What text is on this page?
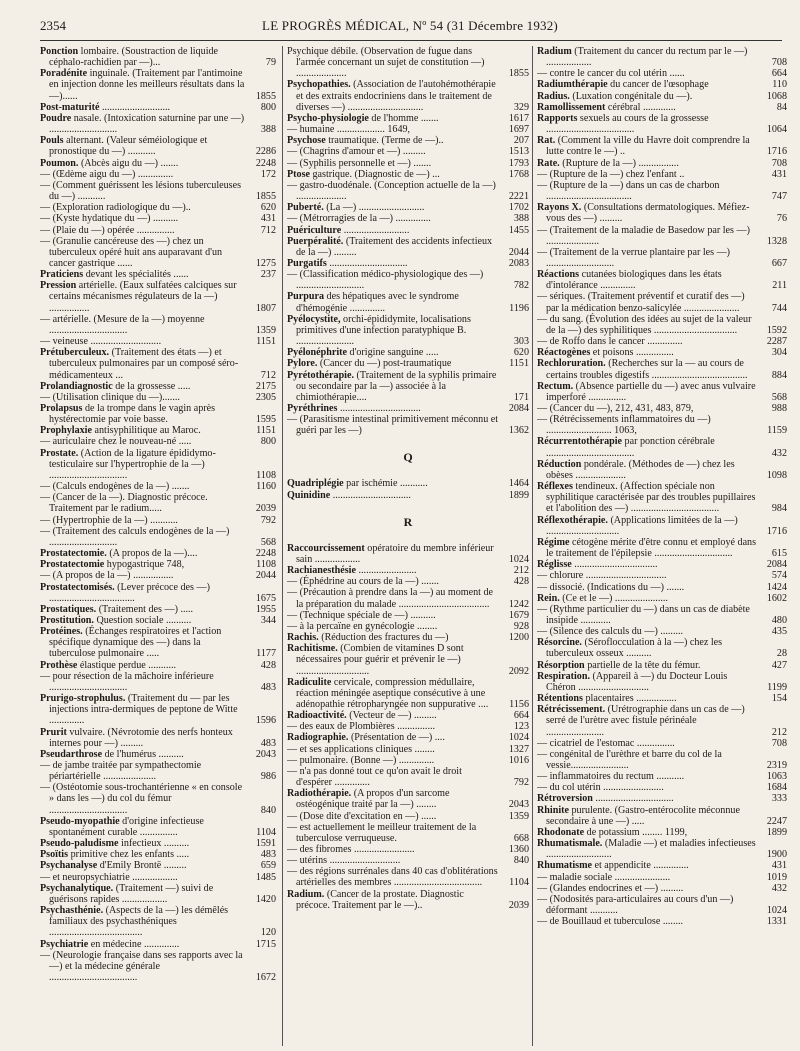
2354	LE PROGRÈS MÉDICAL, Nº 54 (31 Décembre 1932)
Ponction lombaire. (Soustraction de liquide céphalo-rachidien par —)...	79
Poradénite inguinale. (Traitement par l'antimoine en injection donne les meilleurs résultats dans la —)......	1855
Post-maturité ...........................	800
Poudre nasale. (Intoxication saturnine par une —) ...........................	388
Pouls alternant. (Valeur séméiologique et pronostique du —) ...........	2286
Poumon. (Abcès aigu du —) .......	2248
— (Œdème aigu du —) ..............	172
— (Comment guérissent les lésions tuberculeuses du —) ...........	1855
— (Exploration radiologique du —)..	620
— (Kyste hydatique du —) ..........	431
— (Plaie du —) opérée ...............	712
— (Granulie cancéreuse des —) chez un tuberculeux opéré huit ans auparavant d'un cancer gastrique ......	1275
Praticiens devant les spécialités ......	237
Pression artérielle. (Eaux sulfatées calciques sur certains mécanismes régulateurs de la —) ................	1807
— artérielle. (Mesure de la —) moyenne ...............................	1359
— veineuse ............................	1151
Prétuberculeux. (Traitement des états —) et tuberculeux pulmonaires par un composé séro-médicamenteux ...	712
Prolandiagnostic de la grossesse .....	2175
— (Utilisation clinique du —).......	2305
Prolapsus de la trompe dans le vagin après hystérectomie par voie basse.	1595
Prophylaxie antisyphilitique au Maroc.	1151
— auriculaire chez le nouveau-né .....	800
Prostate. (Action de la ligature épididymo-testiculaire sur l'hypertrophie de la —) ...............................	1108
— (Calculs endogènes de la —) .......	1160
— (Cancer de la —). Diagnostic précoce. Traitement par le radium.....	2039
— (Hypertrophie de la —) ...........	792
— (Traitement des calculs endogènes de la —) ...........................	568
Prostatectomie. (A propos de la —)....	2248
Prostatectomie hypogastrique 748,	1108
— (A propos de la —) ................	2044
Prostatectomisés. (Lever précoce des —) ..................................	1675
Prostatiques. (Traitement des —) .....	1955
Prostitution. Question sociale ..........	344
Protéines. (Échanges respiratoires et l'action spécifique dynamique des —) dans la tuberculose pulmonaire .....	1177
Prothèse élastique perdue ...........	428
— pour résection de la mâchoire inférieure ...............................	483
Prurigo-strophulus. (Traitement du — par les injections intra-dermiques de peptone de Witte ..............	1596
Prurit vulvaire. (Névrotomie des nerfs honteux internes pour —) .........	483
Pseudarthrose de l'humérus ..........	2043
— de jambe traitée par sympathectomie périartérielle .....................	986
— (Ostéotomie sous-trochantérienne « en console » dans les —) du col du fémur ...............................	840
Pseudo-myopathie d'origine infectieuse spontanément curable ...............	1104
Pseudo-paludisme infectieux ..........	1591
Psoïtis primitive chez les enfants .....	483
Psychanalyse d'Emily Brontë .........	659
— et neuropsychiatrie ..................	1485
Psychanalytique. (Traitement —) suivi de guérisons rapides ..................	1420
Psychasthénie. (Aspects de la —) les démêlés familiaux des psychasthéniques .....................................	120
Psychiatrie en médecine ..............	1715
— (Neurologie française dans ses rapports avec la —) et la médecine générale ...................................	1672
Psychique débile. (Observation de fugue dans l'armée concernant un sujet de constitution —) ....................	1855
Psychopathies. (Association de l'autohémothérapie et des extraits endocriniens dans le traitement de diverses —) ..............................	329
Psycho-physiologie de l'homme .......	1617
— humaine ................... 1649,	1697
Psychose traumatique. (Terme de —)..	207
— (Chagrins d'amour et —) .........	1513
— (Syphilis personnelle et —) .......	1793
Ptose gastrique. (Diagnostic de —) ...	1768
— gastro-duodénale. (Conception actuelle de la —) ....................	2221
Puberté. (La —) ..........................	1702
— (Métrorragies de la —) ..............	388
Puériculture ..........................	1455
Puerpéralité. (Traitement des accidents infectieux de la —) .........	2044
Purgatifs ...............................	2083
— (Classification médico-physiologique des —) ...........................	782
Purpura des hépatiques avec le syndrome d'hémogénie ..............	1196
Pyélocystite, orchi-épididymite, localisations primitives d'une infection paratyphique B. .......................	303
Pyélonéphrite d'origine sanguine .....	620
Pylore. (Cancer du —) post-traumatique	1151
Pyrétothérapie. (Traitement de la syphilis primaire ou secondaire par la —) associée à la chimiothérapie....	171
Pyréthrines ................................	2084
— (Parasitisme intestinal primitivement méconnu et guéri par les —)	1362
Q
Quadriplégie par ischémie ...........	1464
Quinidine ...............................	1899
R
Raccourcissement opératoire du membre inférieur sain ..................	1024
Rachianesthésie .......................	212
— (Éphédrine au cours de la —) .......	428
— (Précaution à prendre dans la —) au moment de la préparation du malade ....................................	1242
— (Technique spéciale de —) ..........	1679
— à la percaïne en gynécologie ........	928
Rachis. (Réduction des fractures du —)	1200
Rachitisme. (Combien de vitamines D sont nécessaires pour guérir et prévenir le —) .............................	2092
Radiculite cervicale, compression médullaire, réaction méningée aseptique consécutive à une adénopathie rétropharyngée non suppurative ....	1156
Radioactivité. (Vecteur de —) .........	664
— des eaux de Plombières ...............	123
Radiographie. (Présentation de —) ....	1024
— et ses applications cliniques ........	1327
— pulmonaire. (Bonne —) ..............	1016
— n'a pas donné tout ce qu'on avait le droit d'espérer ..............	792
Radiothérapie. (A propos d'un sarcome ostéogénique traité par la —) ........	2043
— (Dose dite d'excitation en —) ......	1359
— est actuellement le meilleur traitement de la tuberculose verruqueuse.	668
— des fibromes ........................	1360
— utérins ............................	840
— des régions surrénales dans 40 cas d'oblitérations artérielles des membres ...................................	1104
Radium. (Cancer de la prostate. Diagnostic précoce. Traitement par le —)..	2039
Radium (Traitement du cancer du rectum par le —) ..................	708
— contre le cancer du col utérin ......	664
Radiumthérapie du cancer de l'œsophage	110
Radius. (Luxation congénitale du —).	1068
Ramollissement cérébral .............	84
Rapports sexuels au cours de la grossesse ...................................	1064
Rat. (Comment la ville du Havre doit comprendre la lutte contre le —) ..	1716
Rate. (Rupture de la —) ................	708
— (Rupture de la —) chez l'enfant ..	431
— (Rupture de la —) dans un cas de charbon ..................................	747
Rayons X. (Consultations dermatologiques. Méfiez-vous des —) .........	76
— (Traitement de la maladie de Basedow par les —) .....................	1328
— (Traitement de la verrue plantaire par les —) ...........................	667
Réactions cutanées biologiques dans les états d'intolérance ..............	211
— sériques. (Traitement préventif et curatif des —) par la médication benzo-salicylée ......................	744
— du sang. (Évolution des idées au sujet de la valeur de la —) des syphilitiques .................................	1592
— de Roffo dans le cancer ..............	2287
Réactogènes et poisons ...............	304
Rechloruration. (Recherches sur la — au cours de certains troubles digestifs ......................................	884
Rectum. (Absence partielle du —) avec anus vulvaire imperforé ...............	568
— (Cancer du —), 212, 431, 483, 879,	988
— (Rétrécissements inflammatoires du —) .......................... 1063,	1159
Récurrentothérapie par ponction cérébrale ...................................	432
Réduction pondérale. (Méthodes de —) chez les obèses ....................	1098
Réflexes tendineux. (Affection spéciale non syphilitique caractérisée par des troubles pupillaires et l'abolition des —) ...................................	984
Réflexothérapie. (Applications limitées de la —) .............................	1716
Régime cétogène mérite d'être connu et employé dans le traitement de l'épilepsie ...............................	615
Réglisse .................................	2084
— chlorure ................................	574
— dissocié. (Indications du —) .......	1424
Rein. (Ce et le —) .....................	1602
— (Rythme particulier du —) dans un cas de diabète insipide ............	480
— (Silence des calculs du —) .........	435
Résorcine. (Séroflocculation à la —) chez les tuberculeux osseux ..........	28
Résorption partielle de la tête du fémur.	427
Respiration. (Appareil à —) du Docteur Louis Chéron ............................	1199
Rétentions placentaires ................	154
Rétrécissement. (Urétrographie dans un cas de —) serré de l'urètre avec fistule périnéale .......................	212
— cicatriel de l'estomac ...............	708
— congénital de l'urèthre et barre du col de la vessie.......................	2319
— inflammatoires du rectum ...........	1063
— du col utérin ........................	1684
Rétroversion ...............................	333
Rhinite purulente. (Gastro-entérocolite méconnue secondaire à une —) .....	2247
Rhodonate de potassium ........ 1199,	1899
Rhumatismale. (Maladie —) et maladies infectieuses ..........................	1900
Rhumatisme et appendicite ..............	431
— maladie sociale ......................	1019
— (Glandes endocrines et —) .........	432
— (Nodosités para-articulaires au cours d'un —) déformant ...........	1024
— de Bouillaud et tuberculose ........	1331
